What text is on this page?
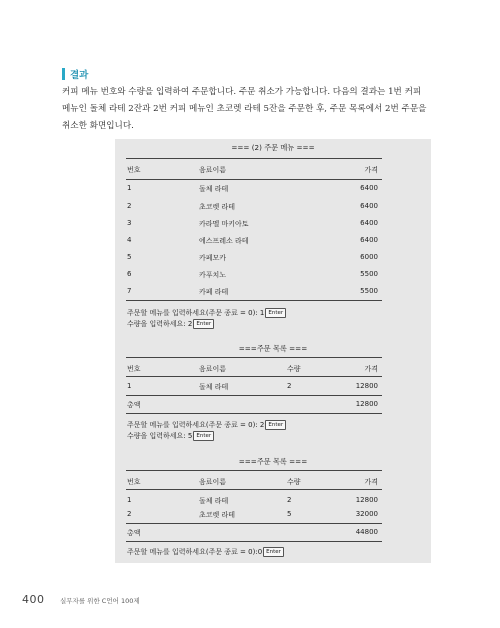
결과

커피 메뉴 번호와 수량을 입력하여 주문합니다. 주문 취소가 가능합니다. 다음의 결과는 1번 커피

메뉴인 돌체 라테 2잔과 2번 커피 메뉴인 초코렛 라테 5잔을 주문한 후, 주문 목록에서 2번 주문을

취소한 화면입니다.

=== (2) 주문 메뉴 ===
번호	음료이름	가격
1	돌체 라테	6400
2	초코렛 라테	6400
3	카라멜 마키아토	6400
4	에스프레소 라테	6400
5	카페모카	6000
6	카푸치노	5500
7	카페 라테	5500
주문할 메뉴를 입력하세요(주문 종료 = 0): 1 Enter
수량을 입력하세요: 2 Enter
===주문 목록 ===
번호	음료이름	수량	가격
1	돌체 라테	2	12800
총액	12800
주문할 메뉴를 입력하세요(주문 종료 = 0): 2 Enter
수량을 입력하세요: 5 Enter
===주문 목록 ===
번호	음료이름	수량	가격
1	돌체 라테	2	12800
2	초코렛 라테	5	32000
총액	44800
주문할 메뉴를 입력하세요(주문 종료 = 0):0 Enter
400 실무자를 위한 C언어 100제
